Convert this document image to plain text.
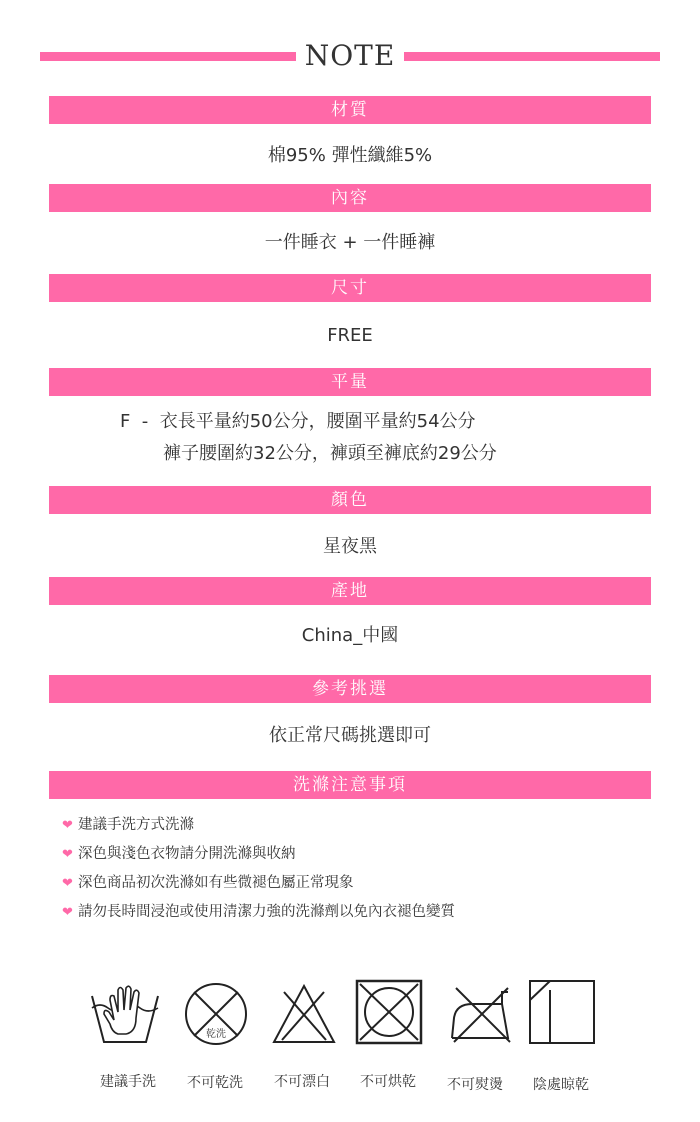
NOTE
材質
棉95% 彈性纖維5%
內容
一件睡衣 + 一件睡褲
尺寸
FREE
平量
F  -  衣長平量約50公分，腰圍平量約54公分
褲子腰圍約32公分，褲頭至褲底約29公分
顏色
星夜黑
產地
China_中國
參考挑選
依正常尺碼挑選即可
洗滌注意事項
❤ 建議手洗方式洗滌
❤ 深色與淺色衣物請分開洗滌與收納
❤ 深色商品初次洗滌如有些微褪色屬正常現象
❤ 請勿長時間浸泡或使用清潔力強的洗滌劑以免內衣褪色變質
乾洗
建議手洗	不可乾洗	不可漂白	不可烘乾	不可熨燙	陰處晾乾
